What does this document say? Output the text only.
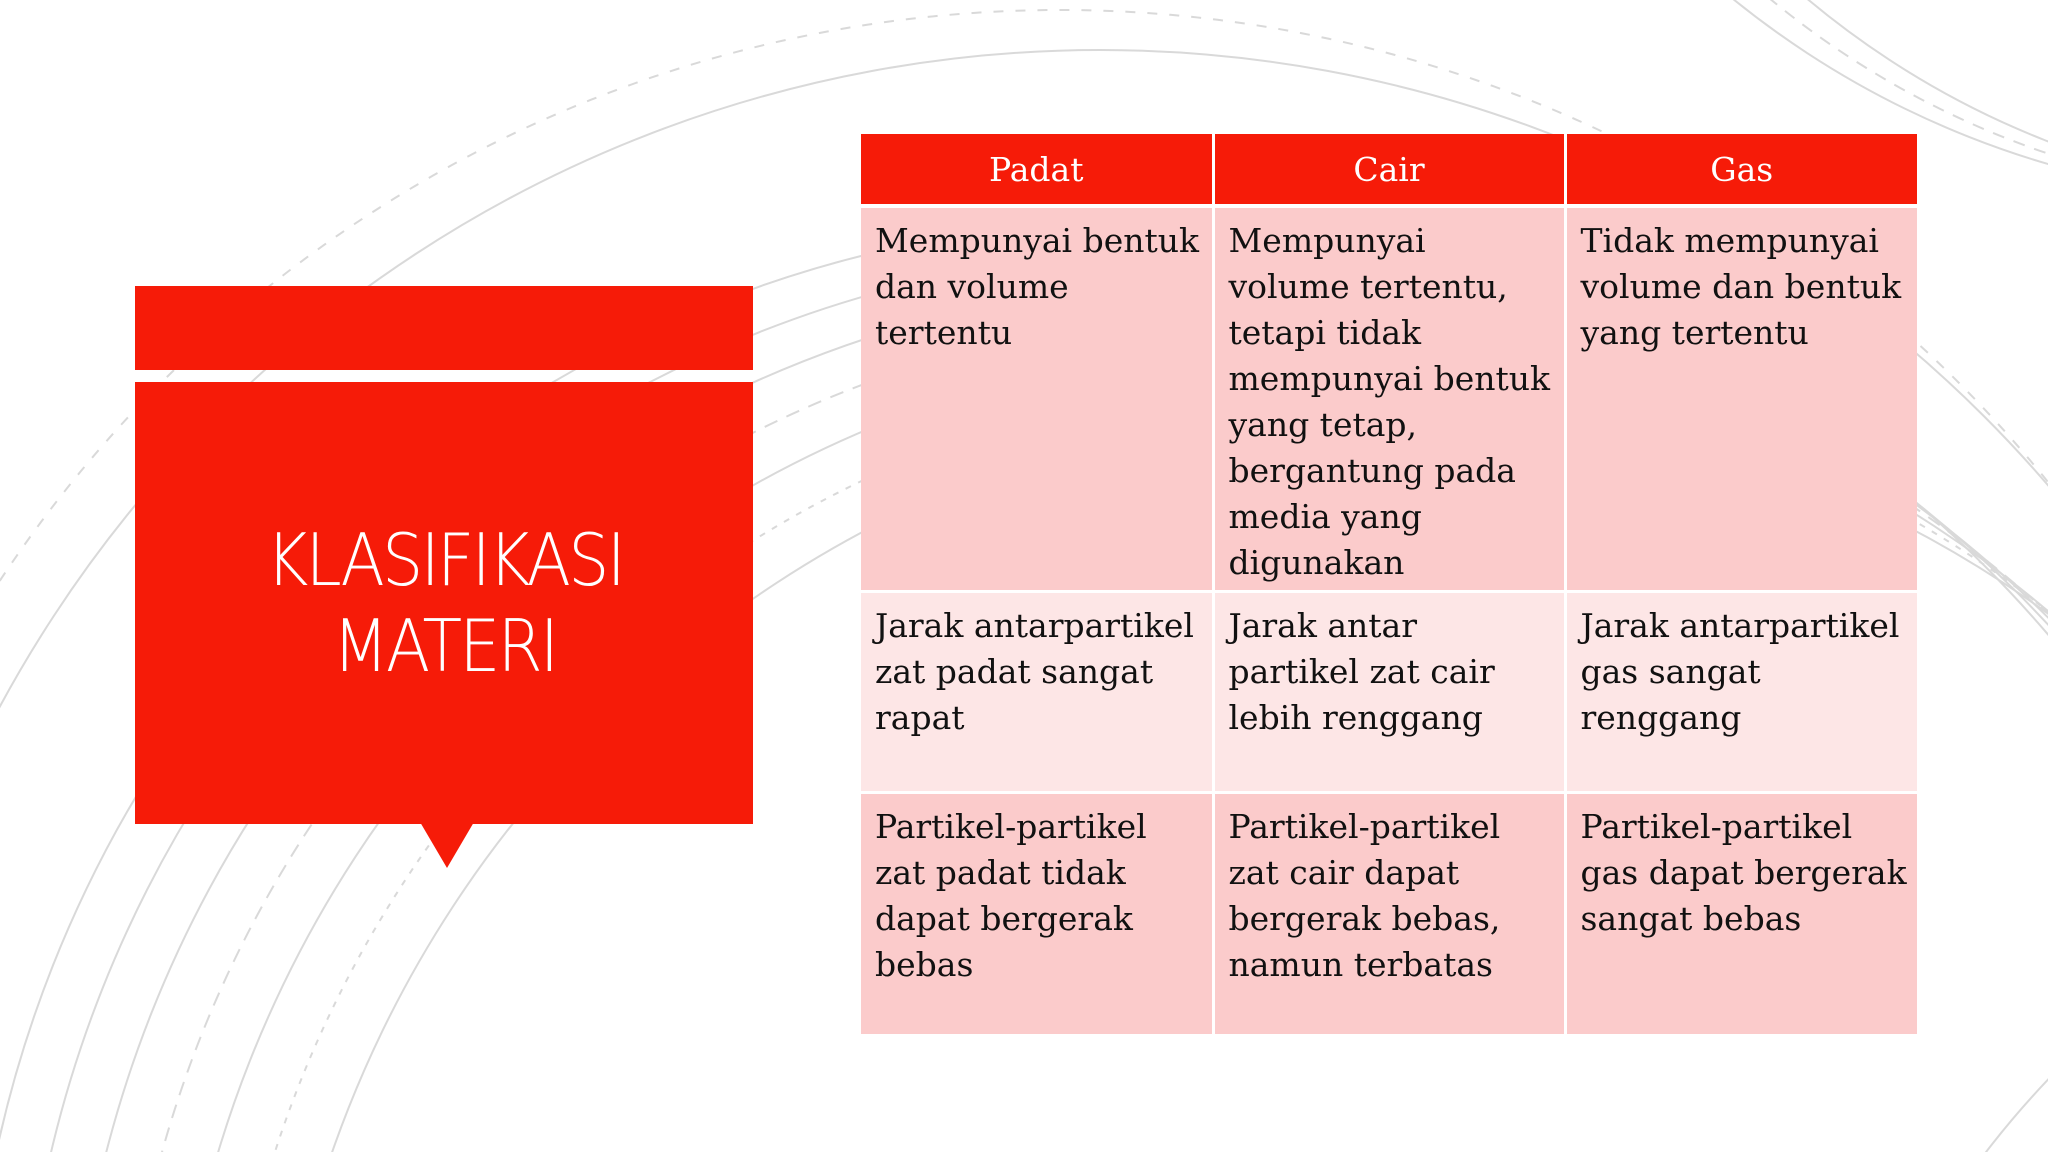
KLASIFIKASI
MATERI
Padat	Cair	Gas
Mempunyai bentuk dan volume tertentu	Mempunyai volume tertentu, tetapi tidak mempunyai bentuk yang tetap, bergantung pada media yang digunakan	Tidak mempunyai volume dan bentuk yang tertentu
Jarak antarpartikel zat padat sangat rapat	Jarak antar partikel zat cair lebih renggang	Jarak antarpartikel gas sangat renggang
Partikel-partikel zat padat tidak dapat bergerak bebas	Partikel-partikel zat cair dapat bergerak bebas, namun terbatas	Partikel-partikel gas dapat bergerak sangat bebas
